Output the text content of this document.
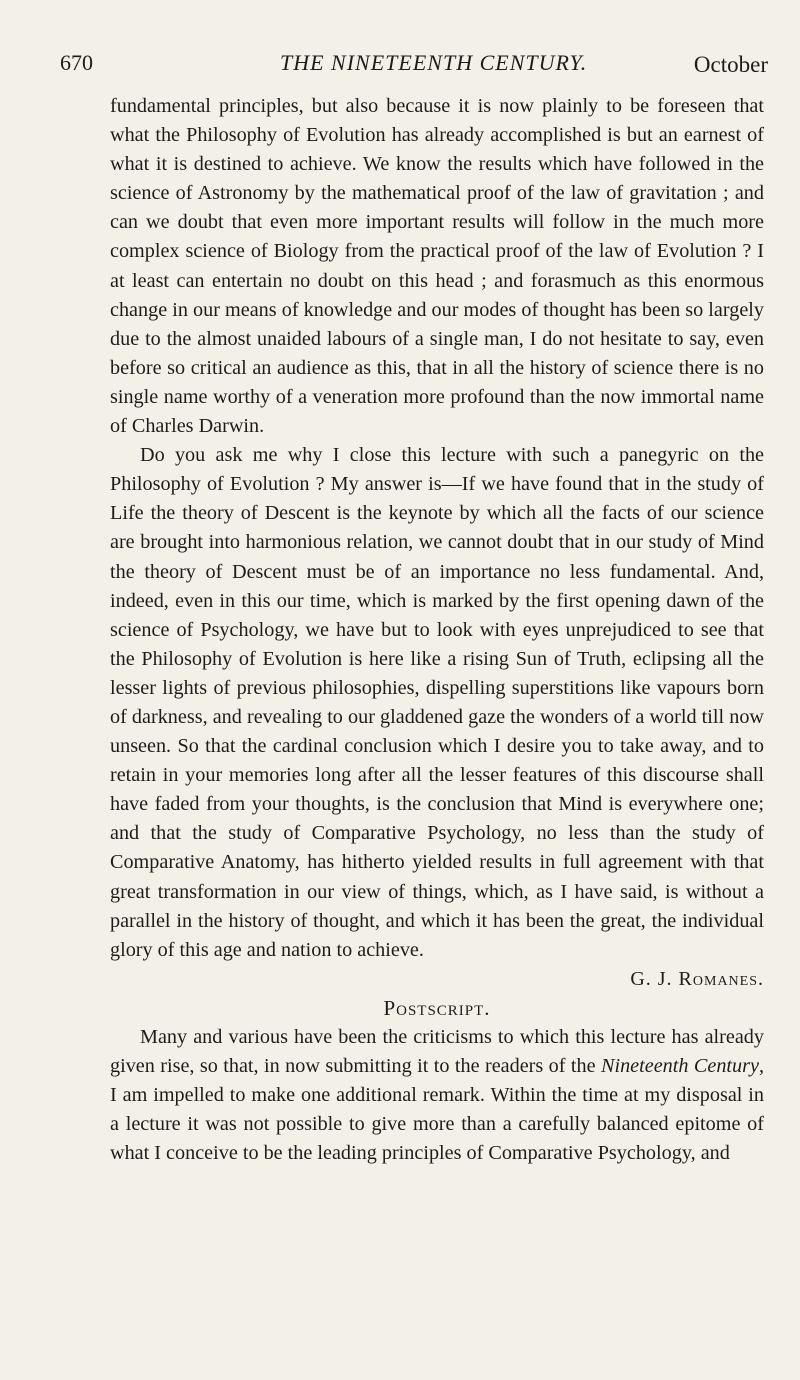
670	THE NINETEENTH CENTURY.	October

fundamental principles, but also because it is now plainly to be foreseen that what the Philosophy of Evolution has already accomplished is but an earnest of what it is destined to achieve. We know the results which have followed in the science of Astronomy by the mathematical proof of the law of gravitation ; and can we doubt that even more important results will follow in the much more complex science of Biology from the practical proof of the law of Evolution ? I at least can entertain no doubt on this head ; and forasmuch as this enormous change in our means of knowledge and our modes of thought has been so largely due to the almost unaided labours of a single man, I do not hesitate to say, even before so critical an audience as this, that in all the history of science there is no single name worthy of a veneration more profound than the now immortal name of Charles Darwin.

Do you ask me why I close this lecture with such a panegyric on the Philosophy of Evolution ? My answer is—If we have found that in the study of Life the theory of Descent is the keynote by which all the facts of our science are brought into harmonious relation, we cannot doubt that in our study of Mind the theory of Descent must be of an importance no less fundamental. And, indeed, even in this our time, which is marked by the first opening dawn of the science of Psychology, we have but to look with eyes unprejudiced to see that the Philosophy of Evolution is here like a rising Sun of Truth, eclipsing all the lesser lights of previous philosophies, dispelling superstitions like vapours born of darkness, and revealing to our gladdened gaze the wonders of a world till now unseen. So that the cardinal conclusion which I desire you to take away, and to retain in your memories long after all the lesser features of this discourse shall have faded from your thoughts, is the conclusion that Mind is everywhere one; and that the study of Comparative Psychology, no less than the study of Comparative Anatomy, has hitherto yielded results in full agreement with that great transformation in our view of things, which, as I have said, is without a parallel in the history of thought, and which it has been the great, the individual glory of this age and nation to achieve.

G. J. Romanes.

Postscript.

Many and various have been the criticisms to which this lecture has already given rise, so that, in now submitting it to the readers of the Nineteenth Century, I am impelled to make one additional remark. Within the time at my disposal in a lecture it was not possible to give more than a carefully balanced epitome of what I conceive to be the leading principles of Comparative Psychology, and
